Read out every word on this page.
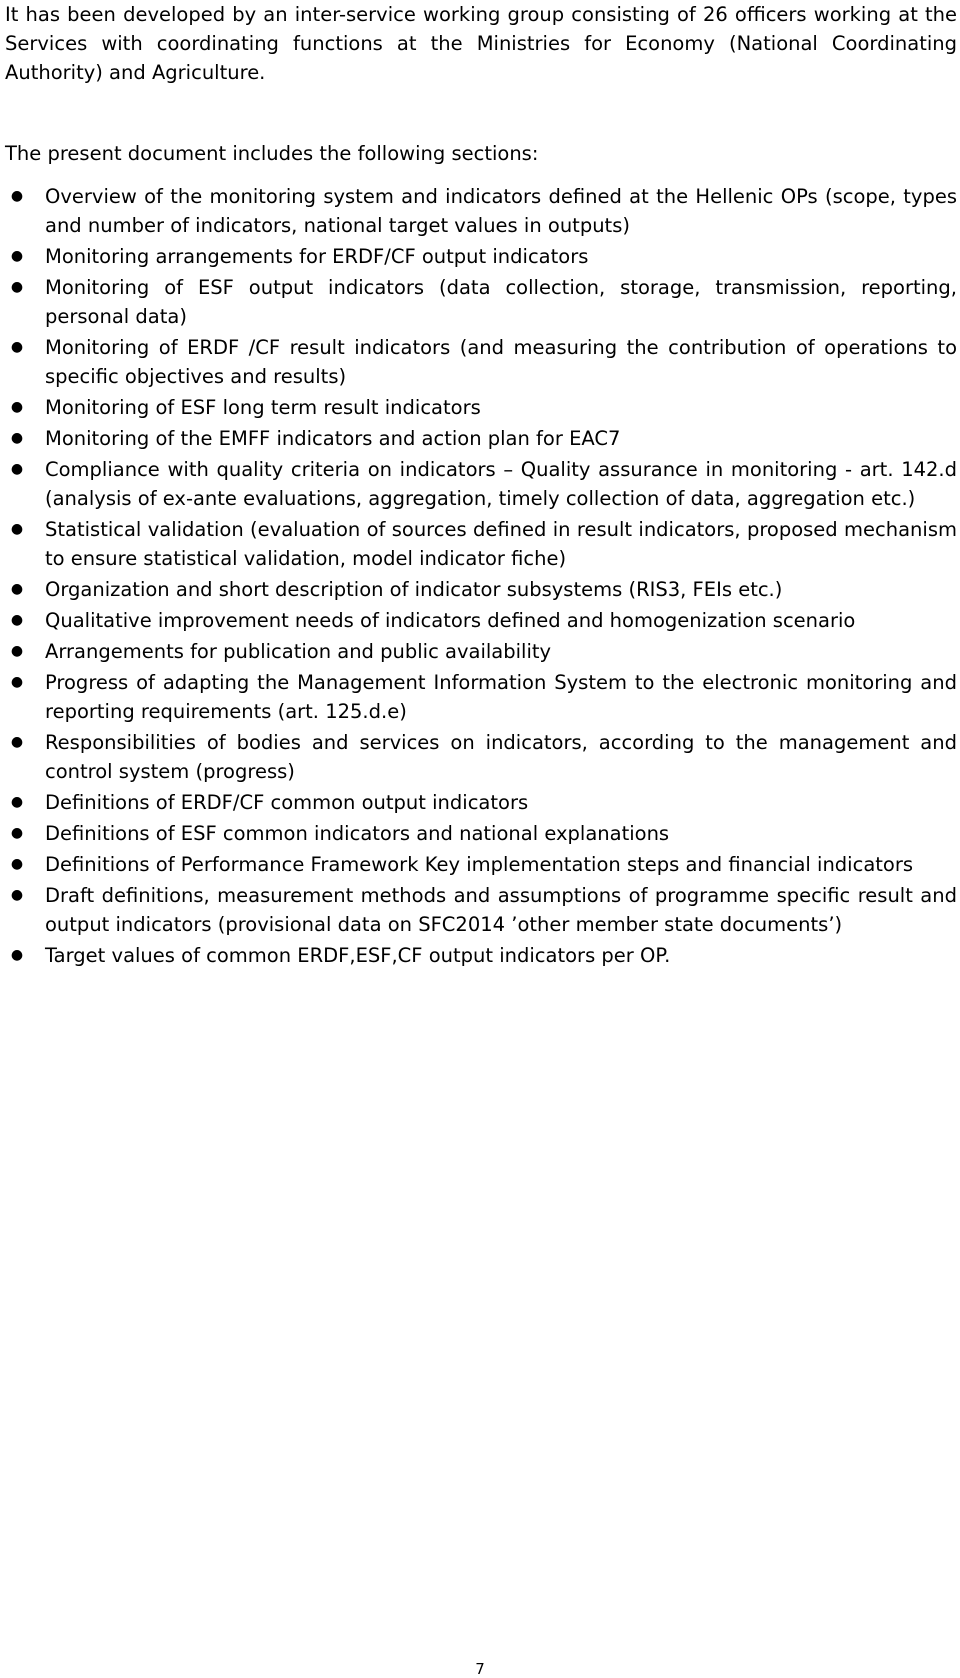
It has been developed by an inter-service working group consisting of 26 officers working at the Services with coordinating functions at the Ministries for Economy (National Coordinating Authority) and Agriculture.

The present document includes the following sections:

●	Overview of the monitoring system and indicators defined at the Hellenic OPs (scope, types and number of indicators, national target values in outputs)
●	Monitoring arrangements for ERDF/CF output indicators
●	Monitoring of ESF output indicators (data collection, storage, transmission, reporting, personal data)
●	Monitoring of ERDF /CF result indicators (and measuring the contribution of operations to specific objectives and results)
●	Monitoring of ESF long term result indicators
●	Monitoring of the EMFF indicators and action plan for EAC7
●	Compliance with quality criteria on indicators – Quality assurance in monitoring - art. 142.d (analysis of ex-ante evaluations, aggregation, timely collection of data, aggregation etc.)
●	Statistical validation (evaluation of sources defined in result indicators, proposed mechanism to ensure statistical validation, model indicator fiche)
●	Organization and short description of indicator subsystems (RIS3, FEIs etc.)
●	Qualitative improvement needs of indicators defined and homogenization scenario
●	Arrangements for publication and public availability
●	Progress of adapting the Management Information System to the electronic monitoring and reporting requirements (art. 125.d.e)
●	Responsibilities of bodies and services on indicators, according to the management and control system (progress)
●	Definitions of ERDF/CF common output indicators
●	Definitions of ESF common indicators and national explanations
●	Definitions of Performance Framework Key implementation steps and financial indicators
●	Draft definitions, measurement methods and assumptions of programme specific result and output indicators (provisional data on SFC2014 ’other member state documents’)
●	Target values of common ERDF,ESF,CF output indicators per OP.
7
